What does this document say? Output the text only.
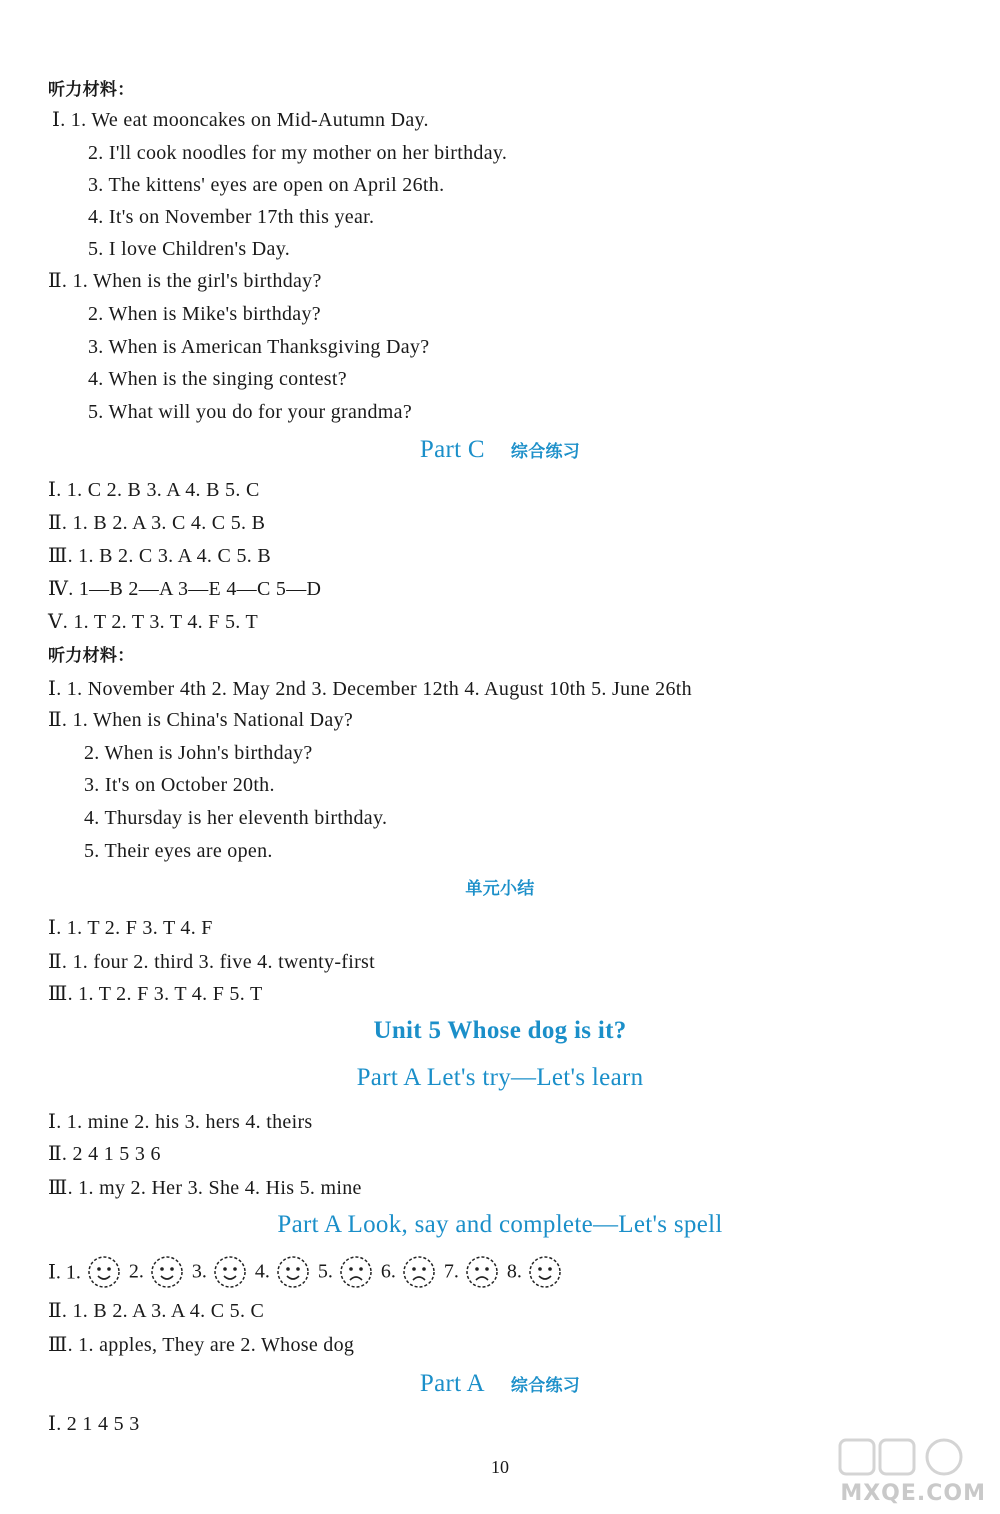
听力材料：
Ⅰ. 1. We eat mooncakes on Mid-Autumn Day.
2. I'll cook noodles for my mother on her birthday.
3. The kittens' eyes are open on April 26th.
4. It's on November 17th this year.
5. I love Children's Day.
Ⅱ. 1. When is the girl's birthday?
2. When is Mike's birthday?
3. When is American Thanksgiving Day?
4. When is the singing contest?
5. What will you do for your grandma?
Part C 综合练习
Ⅰ. 1. C 2. B 3. A 4. B 5. C
Ⅱ. 1. B 2. A 3. C 4. C 5. B
Ⅲ. 1. B 2. C 3. A 4. C 5. B
Ⅳ. 1—B 2—A 3—E 4—C 5—D
Ⅴ. 1. T 2. T 3. T 4. F 5. T
听力材料：
Ⅰ. 1. November 4th 2. May 2nd 3. December 12th 4. August 10th 5. June 26th
Ⅱ. 1. When is China's National Day?
2. When is John's birthday?
3. It's on October 20th.
4. Thursday is her eleventh birthday.
5. Their eyes are open.
单元小结
Ⅰ. 1. T 2. F 3. T 4. F
Ⅱ. 1. four 2. third 3. five 4. twenty-first
Ⅲ. 1. T 2. F 3. T 4. F 5. T
Unit 5 Whose dog is it?
Part A Let's try—Let's learn
Ⅰ. 1. mine 2. his 3. hers 4. theirs
Ⅱ. 2 4 1 5 3 6
Ⅲ. 1. my 2. Her 3. She 4. His 5. mine
Part A Look, say and complete—Let's spell
Ⅰ. 1. 2. 3. 4. 5. 6. 7. 8.
Ⅱ. 1. B 2. A 3. A 4. C 5. C
Ⅲ. 1. apples, They are 2. Whose dog
Part A 综合练习
Ⅰ. 2 1 4 5 3
10
MXQE.COM
